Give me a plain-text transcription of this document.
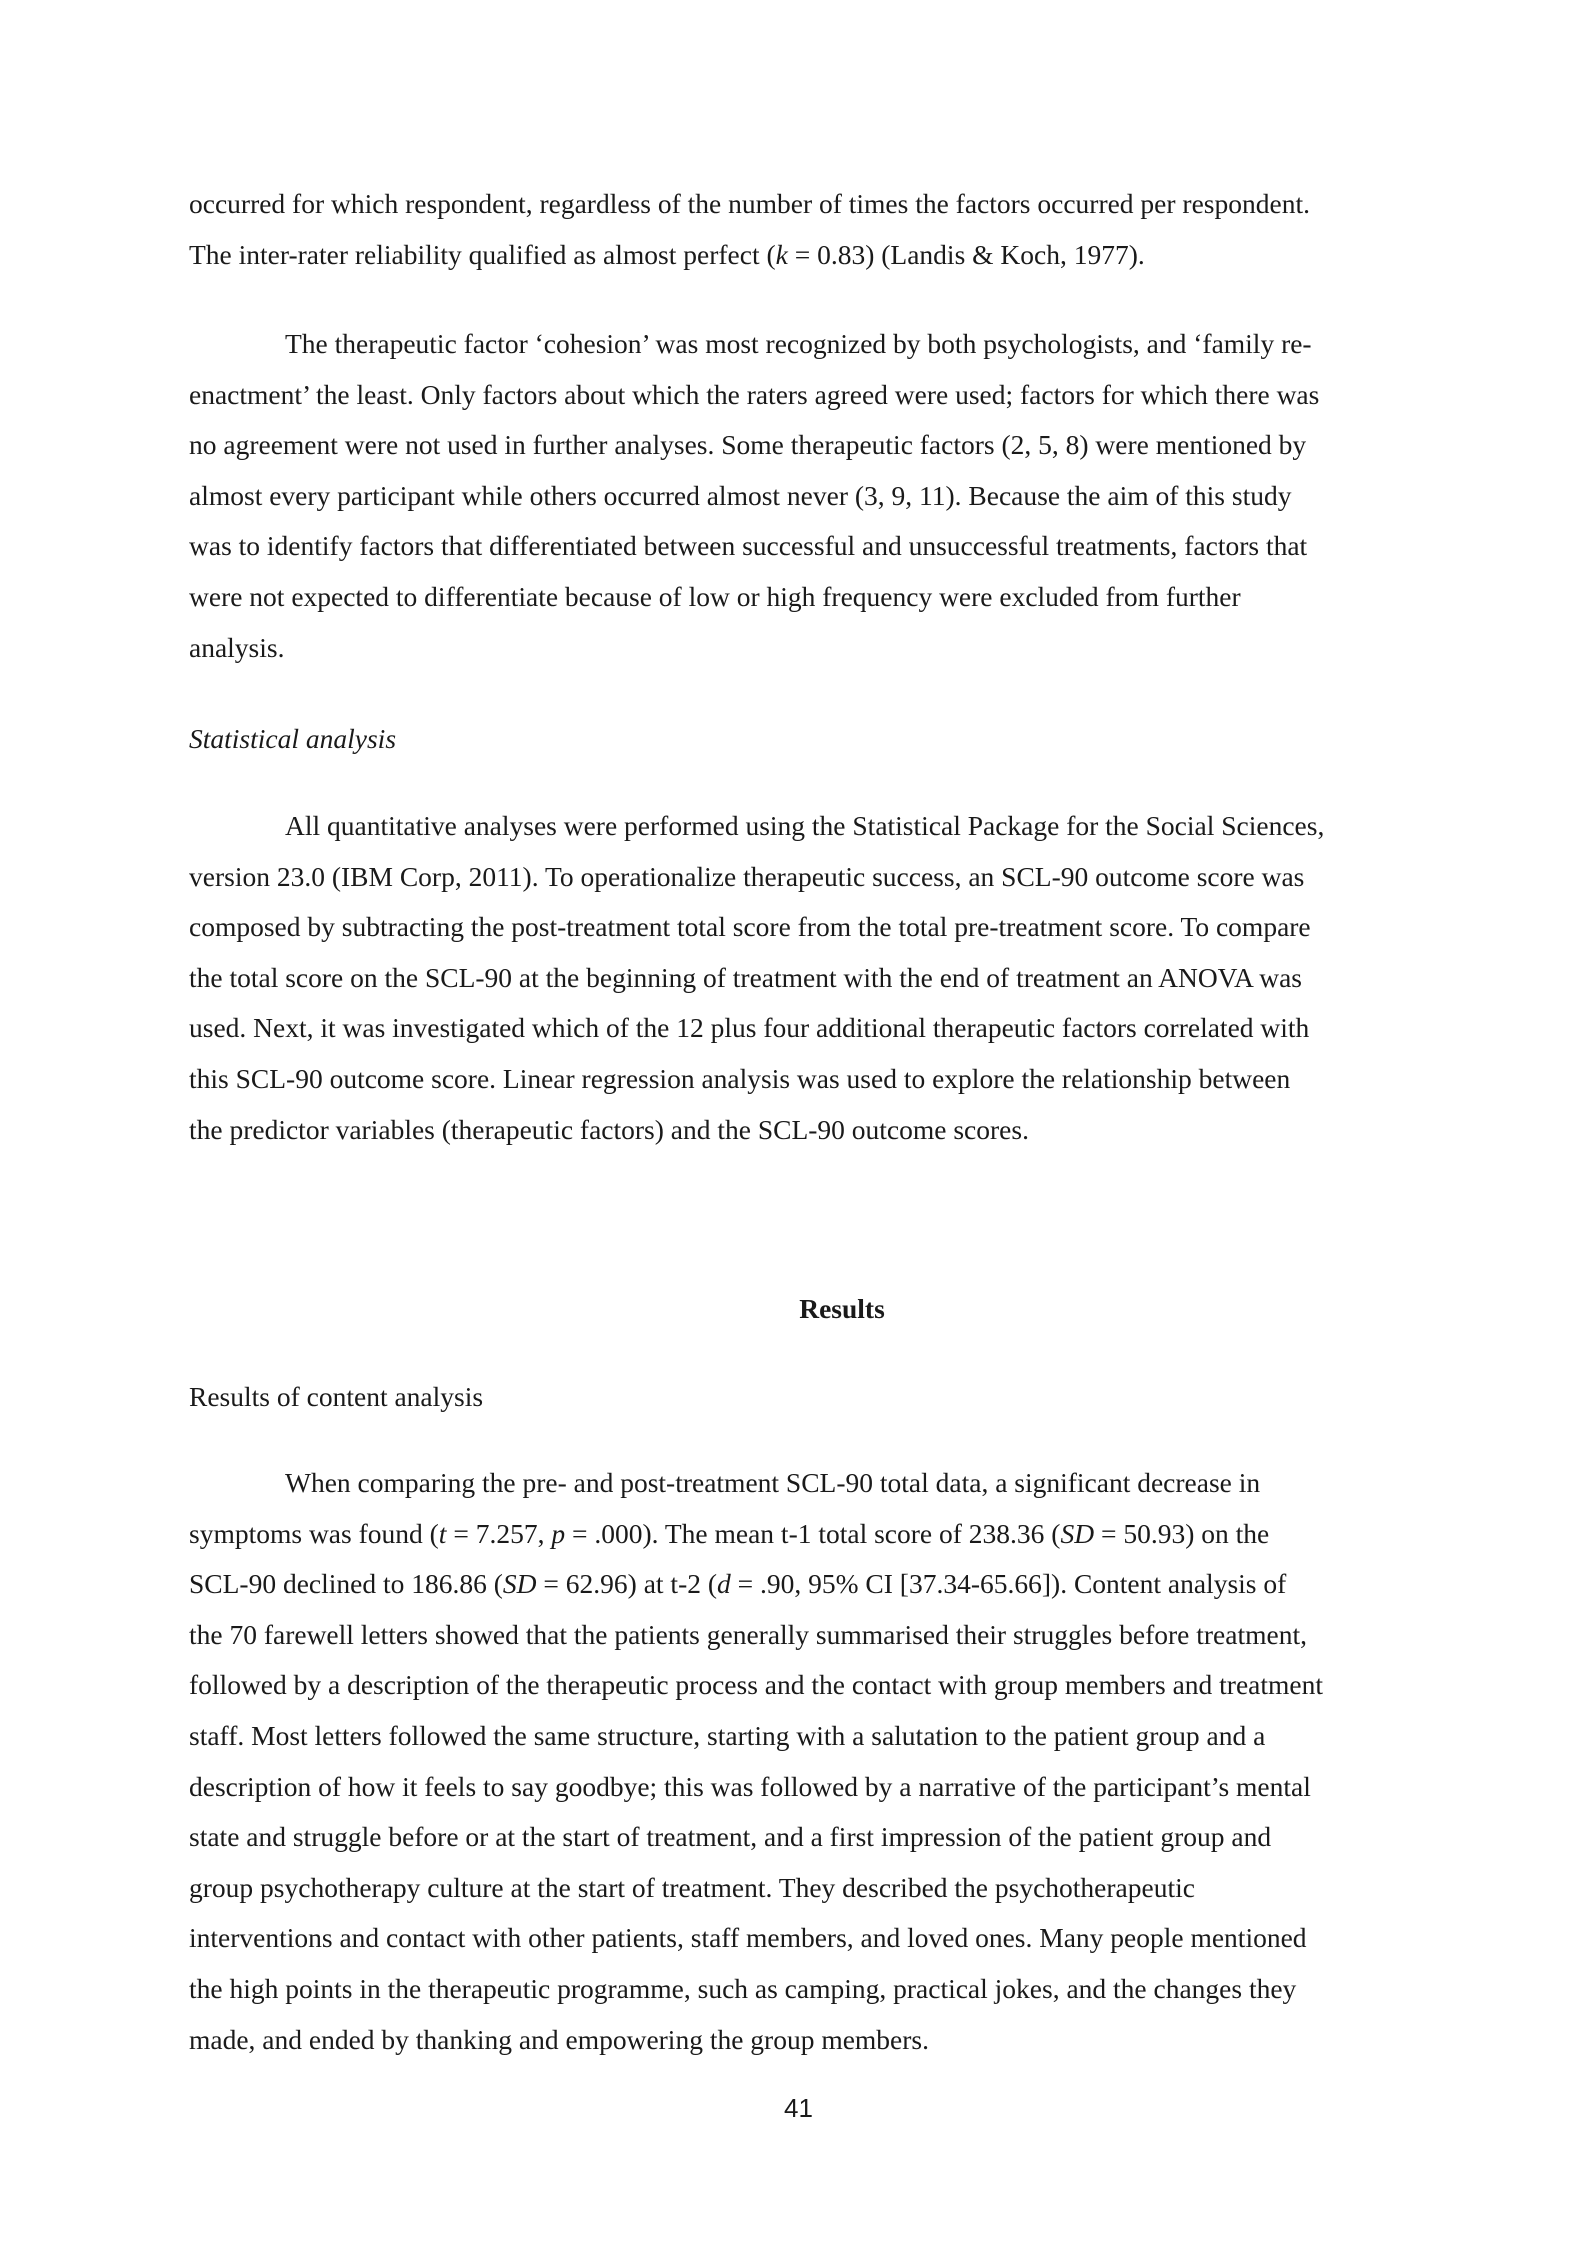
occurred for which respondent, regardless of the number of times the factors occurred per respondent.
The inter-rater reliability qualified as almost perfect (k = 0.83) (Landis & Koch, 1977).

The therapeutic factor ‘cohesion’ was most recognized by both psychologists, and ‘family re-
enactment’ the least. Only factors about which the raters agreed were used; factors for which there was
no agreement were not used in further analyses. Some therapeutic factors (2, 5, 8) were mentioned by
almost every participant while others occurred almost never (3, 9, 11). Because the aim of this study
was to identify factors that differentiated between successful and unsuccessful treatments, factors that
were not expected to differentiate because of low or high frequency were excluded from further
analysis.

Statistical analysis

All quantitative analyses were performed using the Statistical Package for the Social Sciences,
version 23.0 (IBM Corp, 2011). To operationalize therapeutic success, an SCL-90 outcome score was
composed by subtracting the post-treatment total score from the total pre-treatment score. To compare
the total score on the SCL-90 at the beginning of treatment with the end of treatment an ANOVA was
used. Next, it was investigated which of the 12 plus four additional therapeutic factors correlated with
this SCL-90 outcome score. Linear regression analysis was used to explore the relationship between
the predictor variables (therapeutic factors) and the SCL-90 outcome scores.

Results
Results of content analysis

When comparing the pre- and post-treatment SCL-90 total data, a significant decrease in
symptoms was found (t = 7.257, p = .000). The mean t-1 total score of 238.36 (SD = 50.93) on the
SCL-90 declined to 186.86 (SD = 62.96) at t-2 (d = .90, 95% CI [37.34-65.66]). Content analysis of
the 70 farewell letters showed that the patients generally summarised their struggles before treatment,
followed by a description of the therapeutic process and the contact with group members and treatment
staff. Most letters followed the same structure, starting with a salutation to the patient group and a
description of how it feels to say goodbye; this was followed by a narrative of the participant’s mental
state and struggle before or at the start of treatment, and a first impression of the patient group and
group psychotherapy culture at the start of treatment. They described the psychotherapeutic
interventions and contact with other patients, staff members, and loved ones. Many people mentioned
the high points in the therapeutic programme, such as camping, practical jokes, and the changes they
made, and ended by thanking and empowering the group members.

41
